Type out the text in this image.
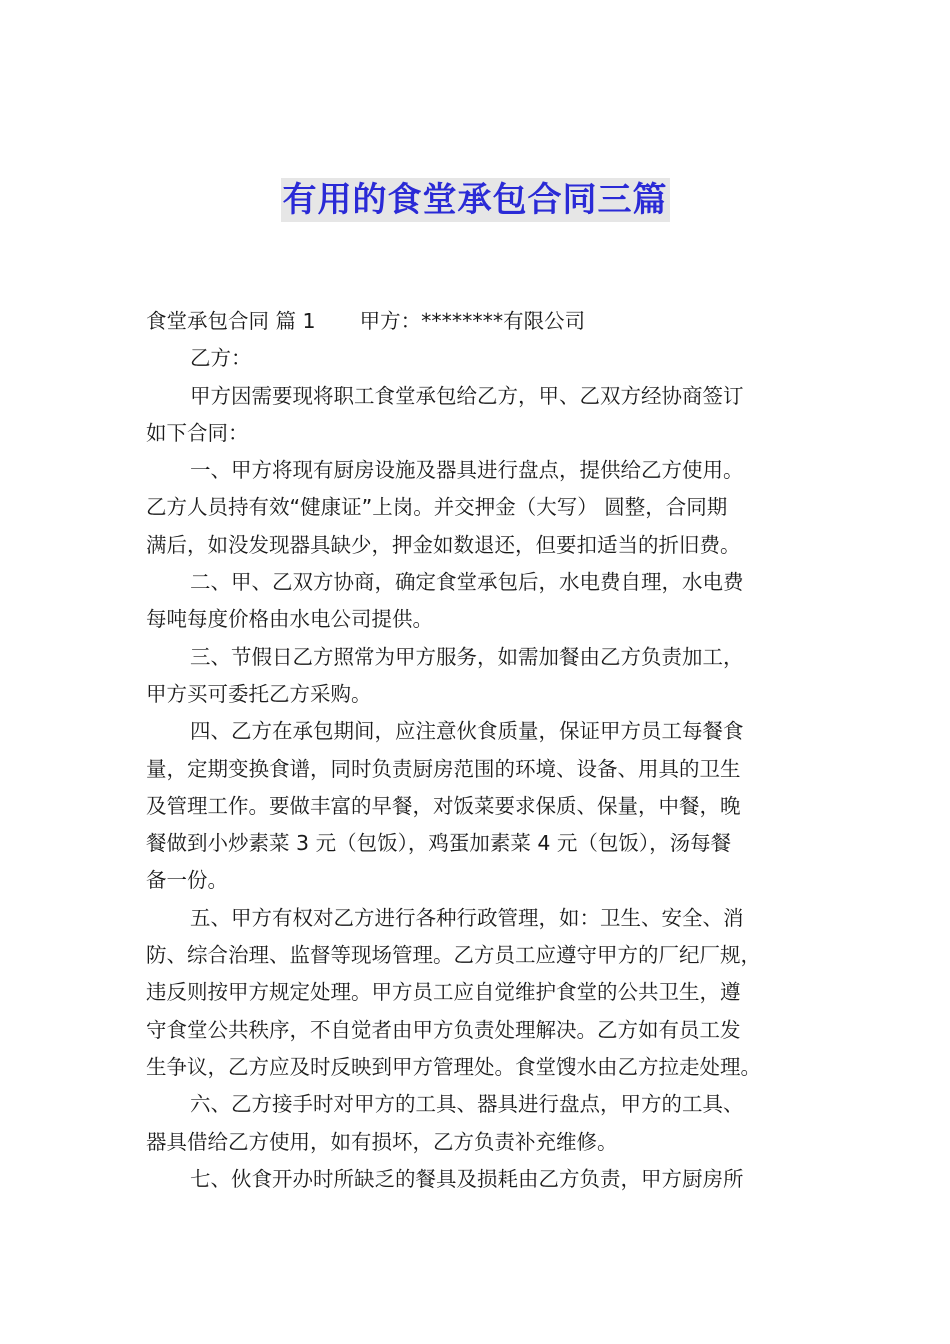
有用的食堂承包合同三篇
食堂承包合同 篇 1 甲方：********有限公司
乙方：
甲方因需要现将职工食堂承包给乙方，甲、乙双方经协商签订
如下合同：
一、甲方将现有厨房设施及器具进行盘点，提供给乙方使用。
乙方人员持有效“健康证”上岗。并交押金（大写） 圆整，合同期
满后，如没发现器具缺少，押金如数退还，但要扣适当的折旧费。
二、甲、乙双方协商，确定食堂承包后，水电费自理，水电费
每吨每度价格由水电公司提供。
三、节假日乙方照常为甲方服务，如需加餐由乙方负责加工，
甲方买可委托乙方采购。
四、乙方在承包期间，应注意伙食质量，保证甲方员工每餐食
量，定期变换食谱，同时负责厨房范围的环境、设备、用具的卫生
及管理工作。要做丰富的早餐，对饭菜要求保质、保量，中餐，晚
餐做到小炒素菜 3 元（包饭），鸡蛋加素菜 4 元（包饭），汤每餐
备一份。
五、甲方有权对乙方进行各种行政管理，如：卫生、安全、消
防、综合治理、监督等现场管理。乙方员工应遵守甲方的厂纪厂规，
违反则按甲方规定处理。甲方员工应自觉维护食堂的公共卫生，遵
守食堂公共秩序，不自觉者由甲方负责处理解决。乙方如有员工发
生争议，乙方应及时反映到甲方管理处。食堂馊水由乙方拉走处理。
六、乙方接手时对甲方的工具、器具进行盘点，甲方的工具、
器具借给乙方使用，如有损坏，乙方负责补充维修。
七、伙食开办时所缺乏的餐具及损耗由乙方负责，甲方厨房所
